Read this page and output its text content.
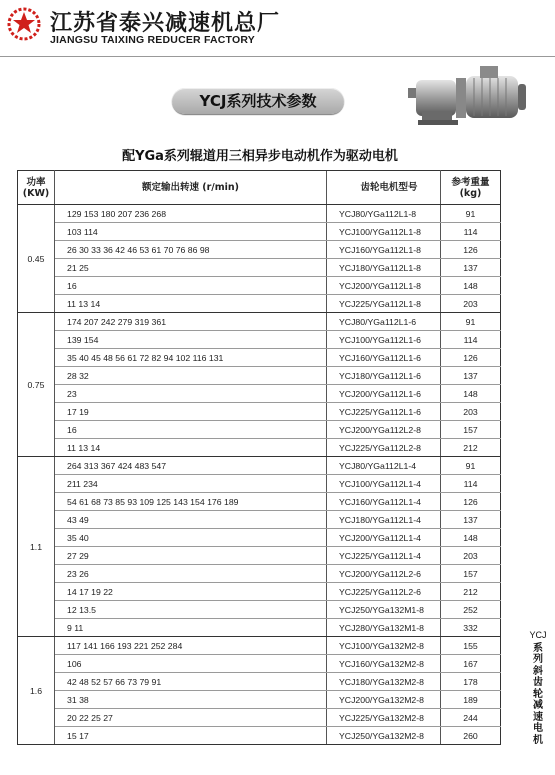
江苏省泰兴减速机总厂
JIANGSU TAIXING REDUCER FACTORY
YCJ系列技术参数
配YGa系列辊道用三相异步电动机作为驱动电机
功率
(KW)	额定输出转速 (r/min)	齿轮电机型号	参考重量
(kg)
0.45	129 153 180 207 236 268	YCJ80/YGa112L1-8	91
	103 114	YCJ100/YGa112L1-8	114
	26 30 33 36 42 46 53 61 70 76 86 98	YCJ160/YGa112L1-8	126
	21 25	YCJ180/YGa112L1-8	137
	16	YCJ200/YGa112L1-8	148
	11 13 14	YCJ225/YGa112L1-8	203
0.75	174 207 242 279 319 361	YCJ80/YGa112L1-6	91
	139 154	YCJ100/YGa112L1-6	114
	35 40 45 48 56 61 72 82 94 102 116 131	YCJ160/YGa112L1-6	126
	28 32	YCJ180/YGa112L1-6	137
	23	YCJ200/YGa112L1-6	148
	17 19	YCJ225/YGa112L1-6	203
	16	YCJ200/YGa112L2-8	157
	11 13 14	YCJ225/YGa112L2-8	212
1.1	264 313 367 424 483 547	YCJ80/YGa112L1-4	91
	211 234	YCJ100/YGa112L1-4	114
	54 61 68 73 85 93 109 125 143 154 176 189	YCJ160/YGa112L1-4	126
	43 49	YCJ180/YGa112L1-4	137
	35 40	YCJ200/YGa112L1-4	148
	27 29	YCJ225/YGa112L1-4	203
	23 26	YCJ200/YGa112L2-6	157
	14 17 19 22	YCJ225/YGa112L2-6	212
	12 13.5	YCJ250/YGa132M1-8	252
	9 11	YCJ280/YGa132M1-8	332
1.6	117 141 166 193 221 252 284	YCJ100/YGa132M2-8	155
	106	YCJ160/YGa132M2-8	167
	42 48 52 57 66 73 79 91	YCJ180/YGa132M2-8	178
	31 38	YCJ200/YGa132M2-8	189
	20 22 25 27	YCJ225/YGa132M2-8	244
	15 17	YCJ250/YGa132M2-8	260
YCJ
系
列
斜
齿
轮
减
速
电
机
